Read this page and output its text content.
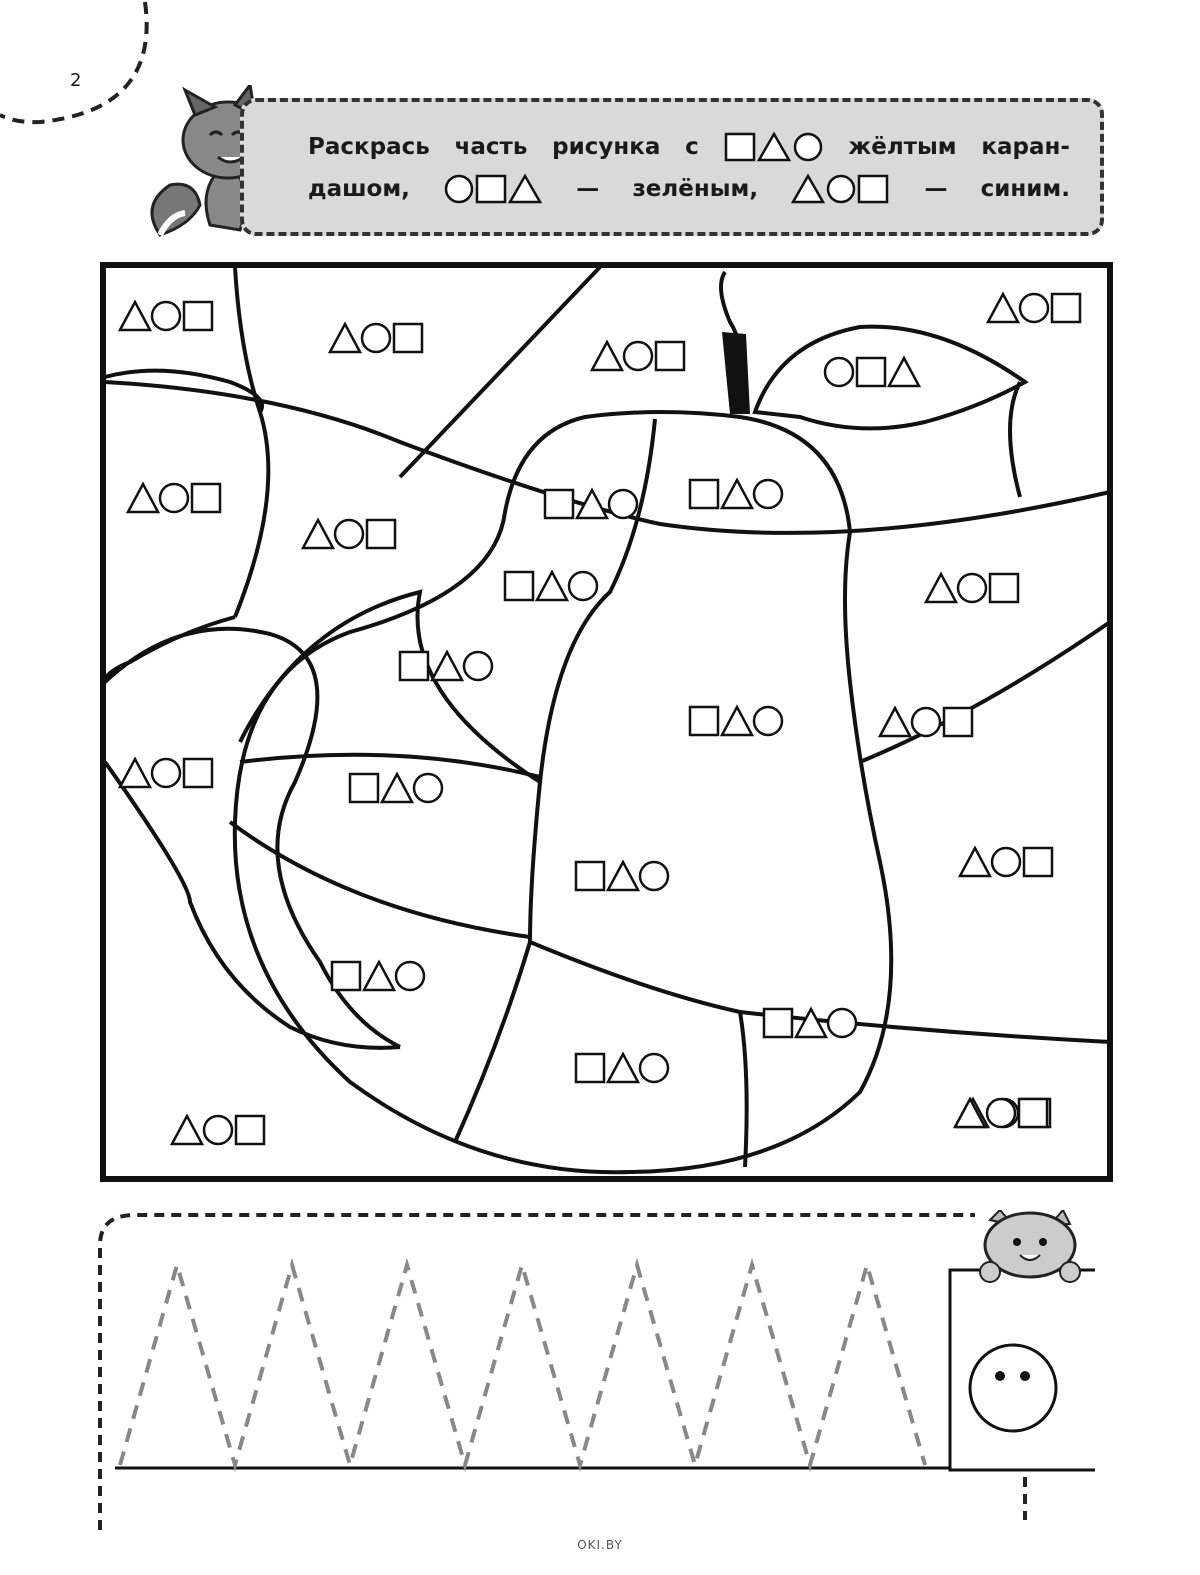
2
Раскрась часть рисунка с	жёлтым каран-
дашом,	— зелёным,	— синим.
OKI.BY
